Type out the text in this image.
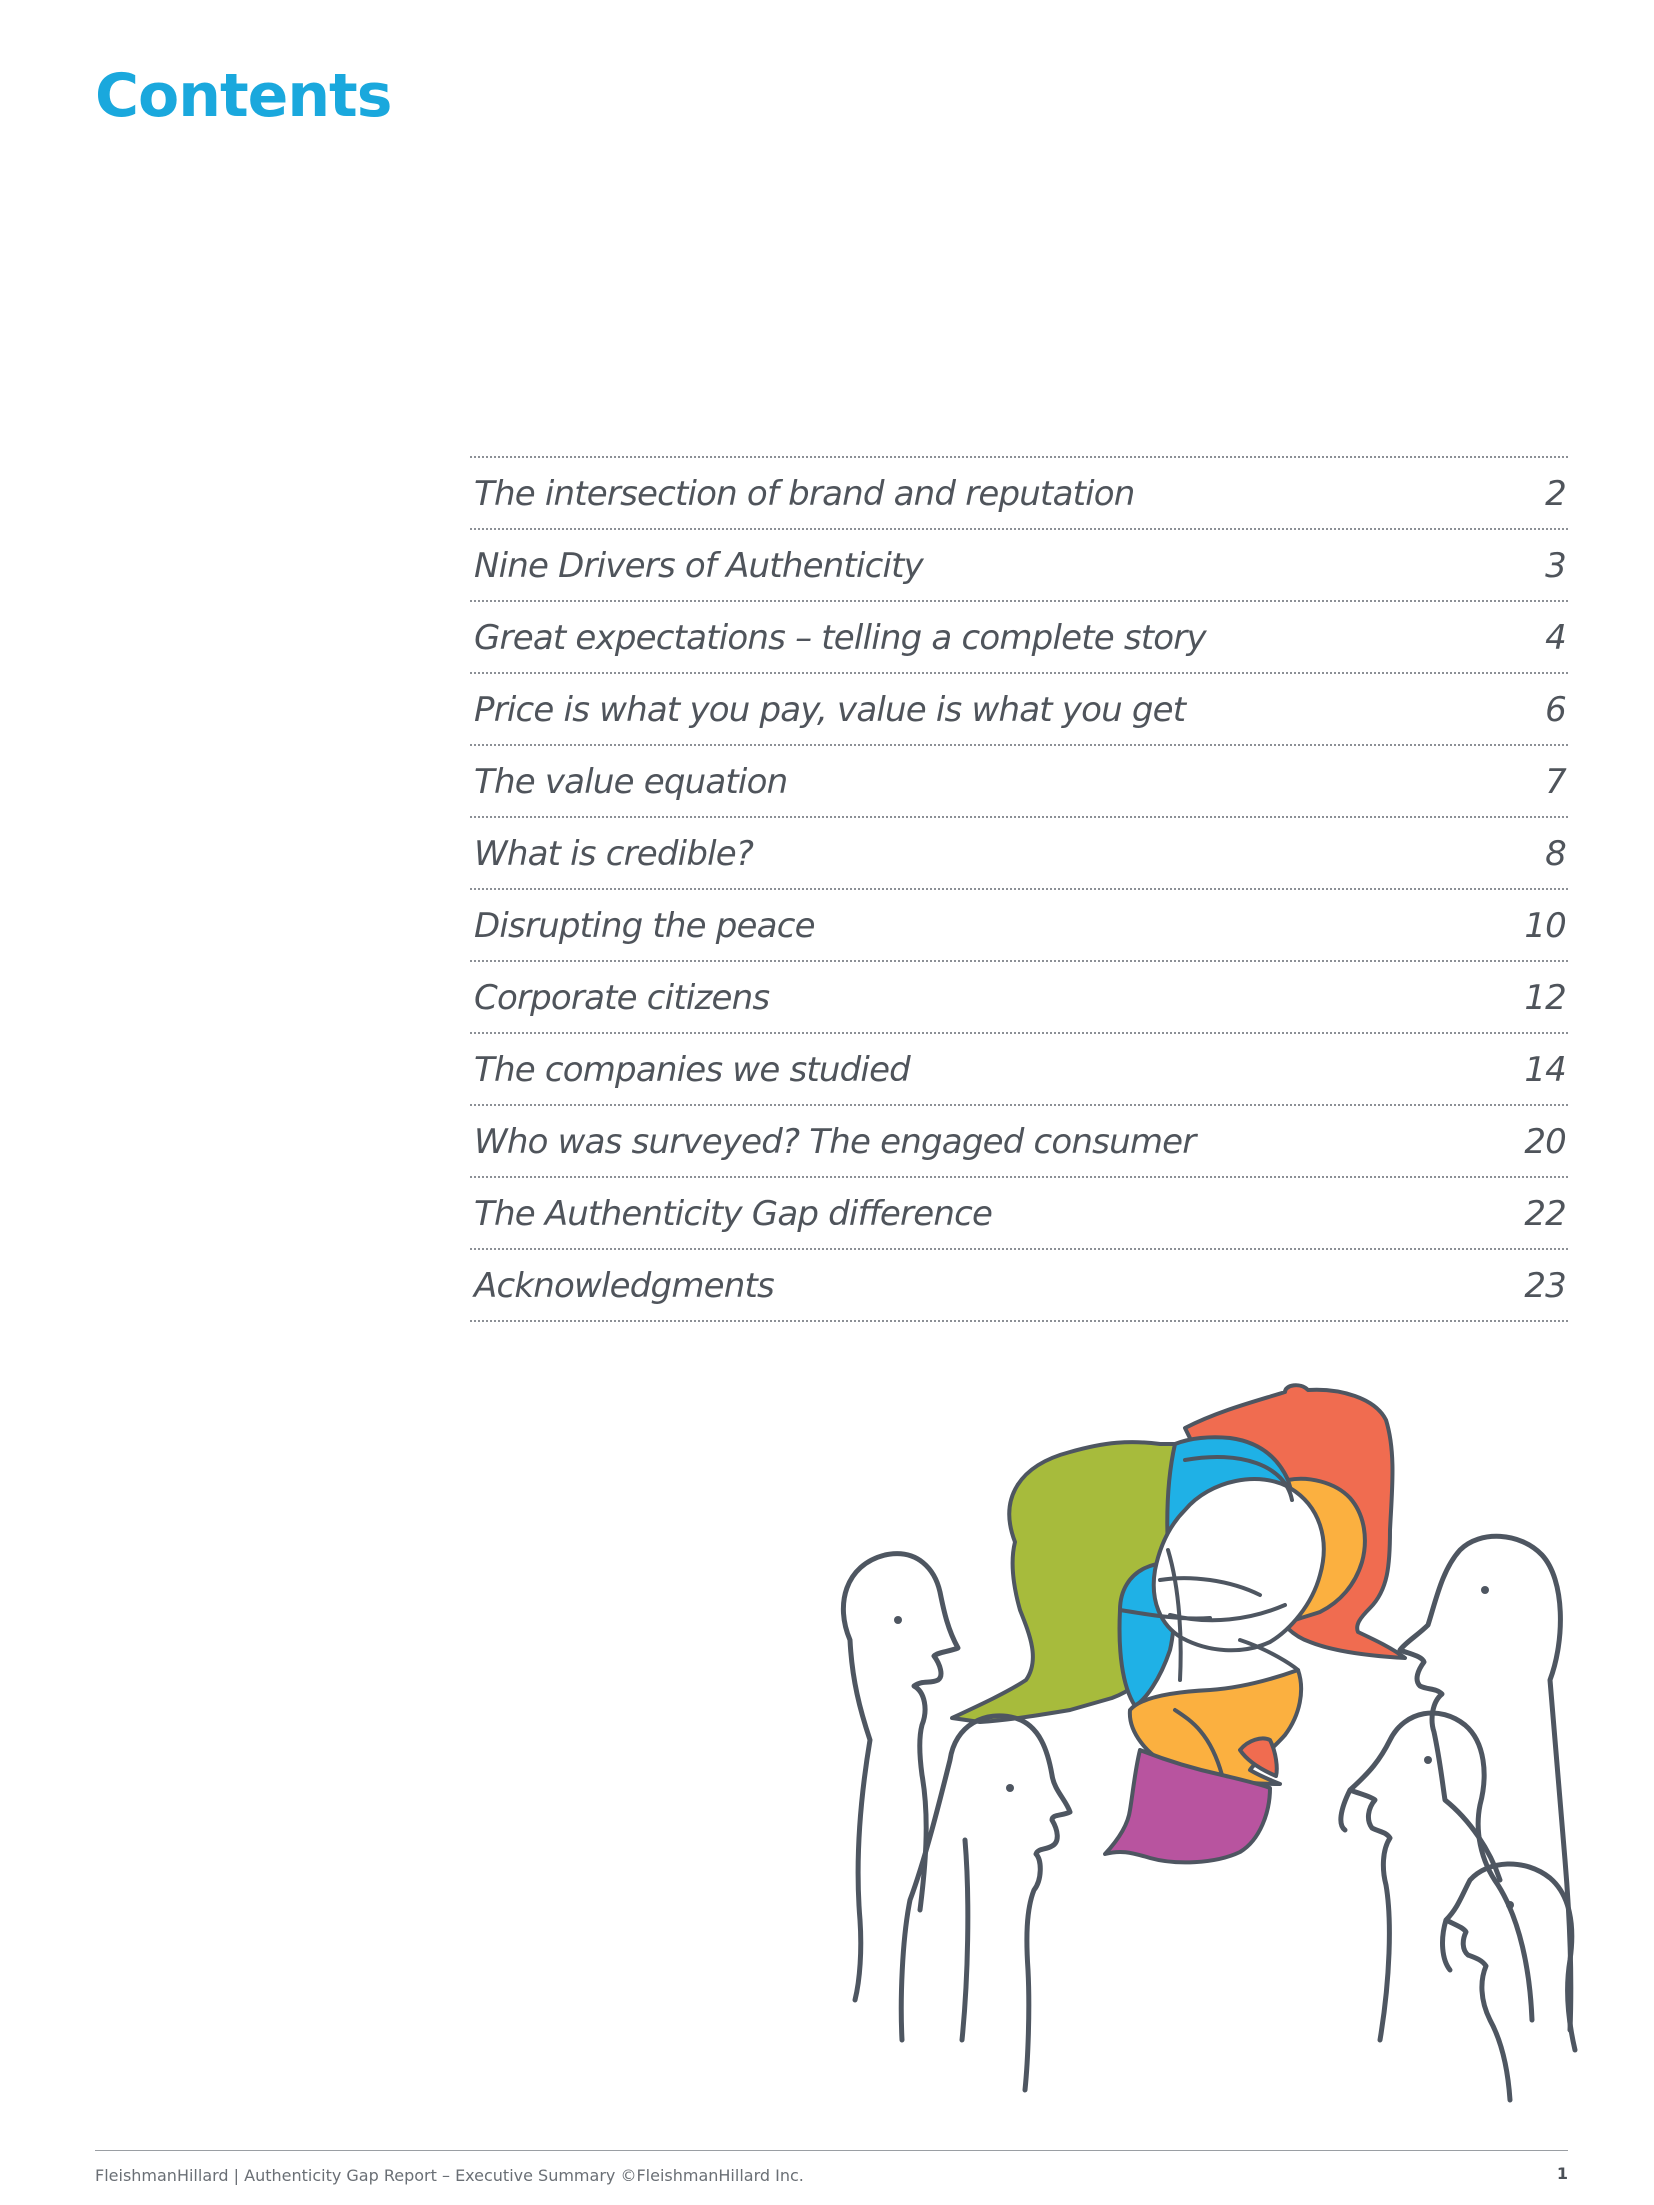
Contents
The intersection of brand and reputation	2
Nine Drivers of Authenticity	3
Great expectations – telling a complete story	4
Price is what you pay, value is what you get	6
The value equation	7
What is credible?	8
Disrupting the peace	10
Corporate citizens	12
The companies we studied	14
Who was surveyed? The engaged consumer	20
The Authenticity Gap difference	22
Acknowledgments	23
FleishmanHillard | Authenticity Gap Report – Executive Summary ©FleishmanHillard Inc.	1
